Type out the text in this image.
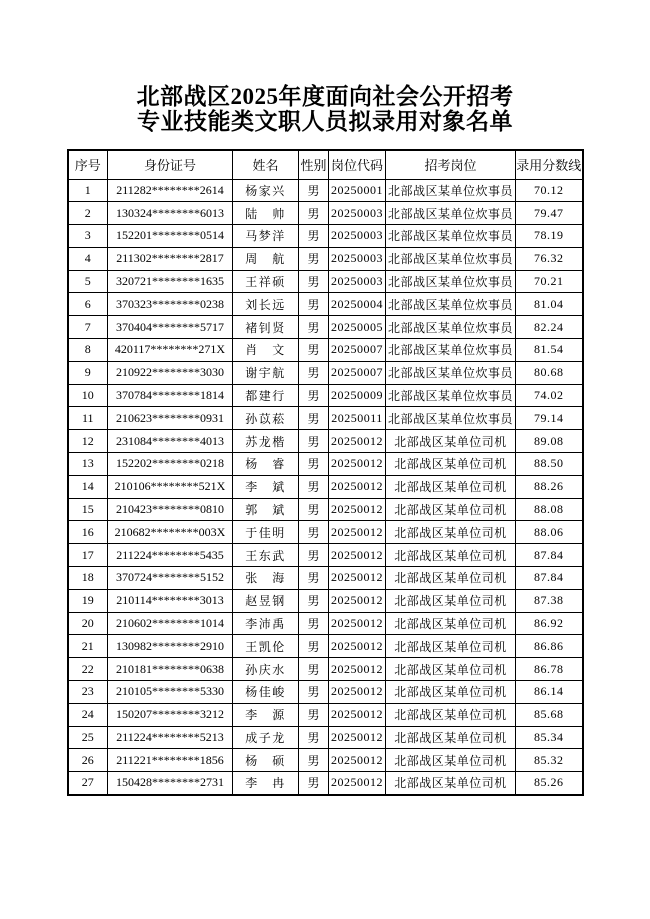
北部战区2025年度面向社会公开招考
专业技能类文职人员拟录用对象名单
序号	身份证号	姓名	性别	岗位代码	招考岗位	录用分数线
1	211282********2614	杨家兴	男	20250001	北部战区某单位炊事员	70.12
2	130324********6013	陆　帅	男	20250003	北部战区某单位炊事员	79.47
3	152201********0514	马梦洋	男	20250003	北部战区某单位炊事员	78.19
4	211302********2817	周　航	男	20250003	北部战区某单位炊事员	76.32
5	320721********1635	王祥硕	男	20250003	北部战区某单位炊事员	70.21
6	370323********0238	刘长远	男	20250004	北部战区某单位炊事员	81.04
7	370404********5717	褚钊贤	男	20250005	北部战区某单位炊事员	82.24
8	420117********271X	肖　文	男	20250007	北部战区某单位炊事员	81.54
9	210922********3030	谢宇航	男	20250007	北部战区某单位炊事员	80.68
10	370784********1814	都建行	男	20250009	北部战区某单位炊事员	74.02
11	210623********0931	孙苡菘	男	20250011	北部战区某单位炊事员	79.14
12	231084********4013	苏龙楷	男	20250012	北部战区某单位司机	89.08
13	152202********0218	杨　睿	男	20250012	北部战区某单位司机	88.50
14	210106********521X	李　斌	男	20250012	北部战区某单位司机	88.26
15	210423********0810	郭　斌	男	20250012	北部战区某单位司机	88.08
16	210682********003X	于佳明	男	20250012	北部战区某单位司机	88.06
17	211224********5435	王东武	男	20250012	北部战区某单位司机	87.84
18	370724********5152	张　海	男	20250012	北部战区某单位司机	87.84
19	210114********3013	赵昱钢	男	20250012	北部战区某单位司机	87.38
20	210602********1014	李沛禹	男	20250012	北部战区某单位司机	86.92
21	130982********2910	王凯伦	男	20250012	北部战区某单位司机	86.86
22	210181********0638	孙庆水	男	20250012	北部战区某单位司机	86.78
23	210105********5330	杨佳峻	男	20250012	北部战区某单位司机	86.14
24	150207********3212	李　源	男	20250012	北部战区某单位司机	85.68
25	211224********5213	成子龙	男	20250012	北部战区某单位司机	85.34
26	211221********1856	杨　硕	男	20250012	北部战区某单位司机	85.32
27	150428********2731	李　冉	男	20250012	北部战区某单位司机	85.26
